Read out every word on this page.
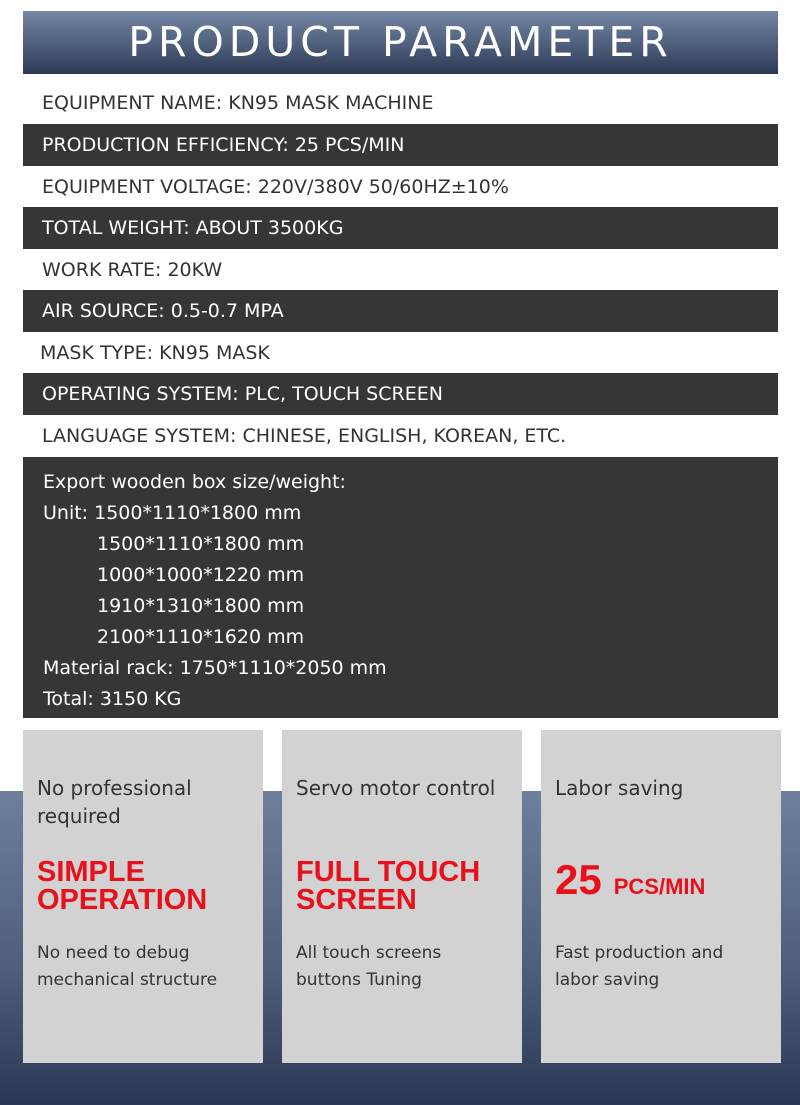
PRODUCT PARAMETER
EQUIPMENT NAME: KN95 MASK MACHINE
PRODUCTION EFFICIENCY: 25 PCS/MIN
EQUIPMENT VOLTAGE: 220V/380V 50/60HZ±10%
TOTAL WEIGHT: ABOUT 3500KG
WORK RATE: 20KW
AIR SOURCE: 0.5-0.7 MPA
MASK TYPE: KN95 MASK
OPERATING SYSTEM: PLC, TOUCH SCREEN
LANGUAGE SYSTEM: CHINESE, ENGLISH, KOREAN, ETC.
Export wooden box size/weight:
Unit: 1500*1110*1800 mm
1500*1110*1800 mm
1000*1000*1220 mm
1910*1310*1800 mm
2100*1110*1620 mm
Material rack: 1750*1110*2050 mm
Total: 3150 KG
No professional required
SIMPLE OPERATION
No need to debug mechanical structure
Servo motor control
FULL TOUCH SCREEN
All touch screens buttons Tuning
Labor saving
25 PCS/MIN
Fast production and labor saving
